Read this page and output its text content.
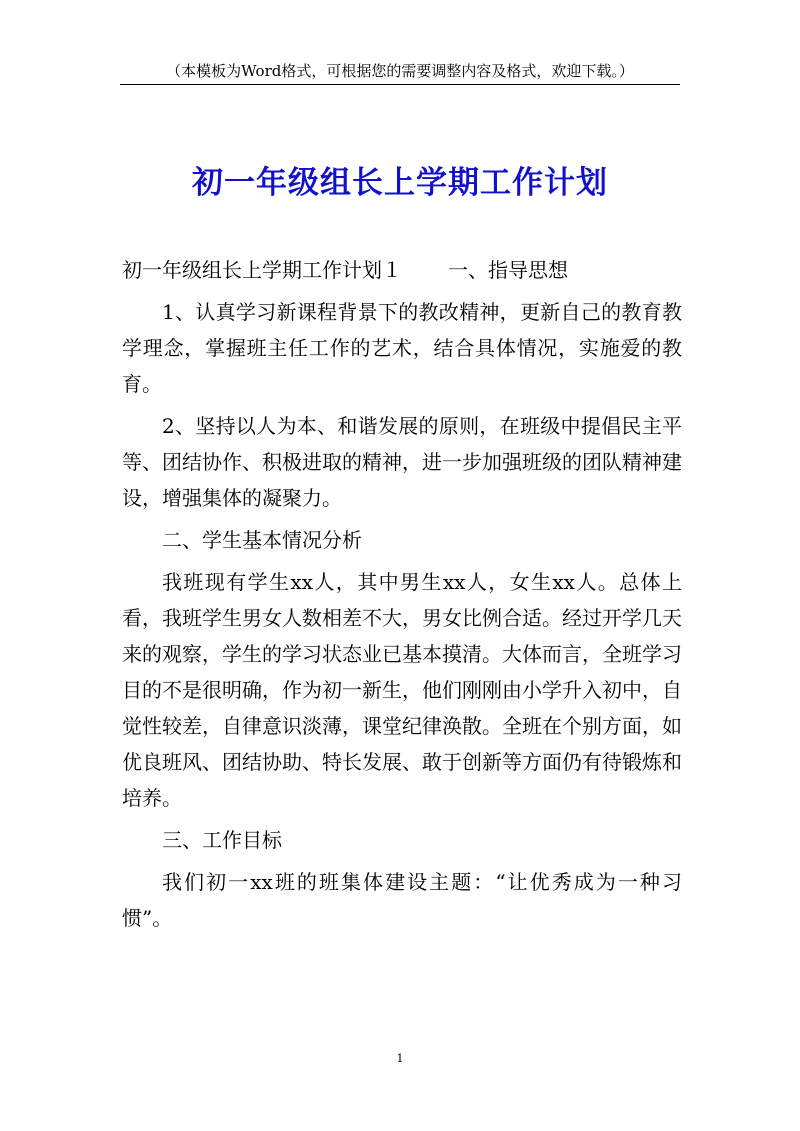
（本模板为Word格式，可根据您的需要调整内容及格式，欢迎下载。）
初一年级组长上学期工作计划

初一年级组长上学期工作计划１ 一、指导思想

1、认真学习新课程背景下的教改精神，更新自己的教育教学理念，掌握班主任工作的艺术，结合具体情况，实施爱的教育。

2、坚持以人为本、和谐发展的原则，在班级中提倡民主平等、团结协作、积极进取的精神，进一步加强班级的团队精神建设，增强集体的凝聚力。

二、学生基本情况分析

我班现有学生xx人，其中男生xx人，女生xx人。总体上看，我班学生男女人数相差不大，男女比例合适。经过开学几天来的观察，学生的学习状态业已基本摸清。大体而言，全班学习目的不是很明确，作为初一新生，他们刚刚由小学升入初中，自觉性较差，自律意识淡薄，课堂纪律涣散。全班在个别方面，如优良班风、团结协助、特长发展、敢于创新等方面仍有待锻炼和培养。

三、工作目标

我们初一xx班的班集体建设主题：“让优秀成为一种习惯”。

1
